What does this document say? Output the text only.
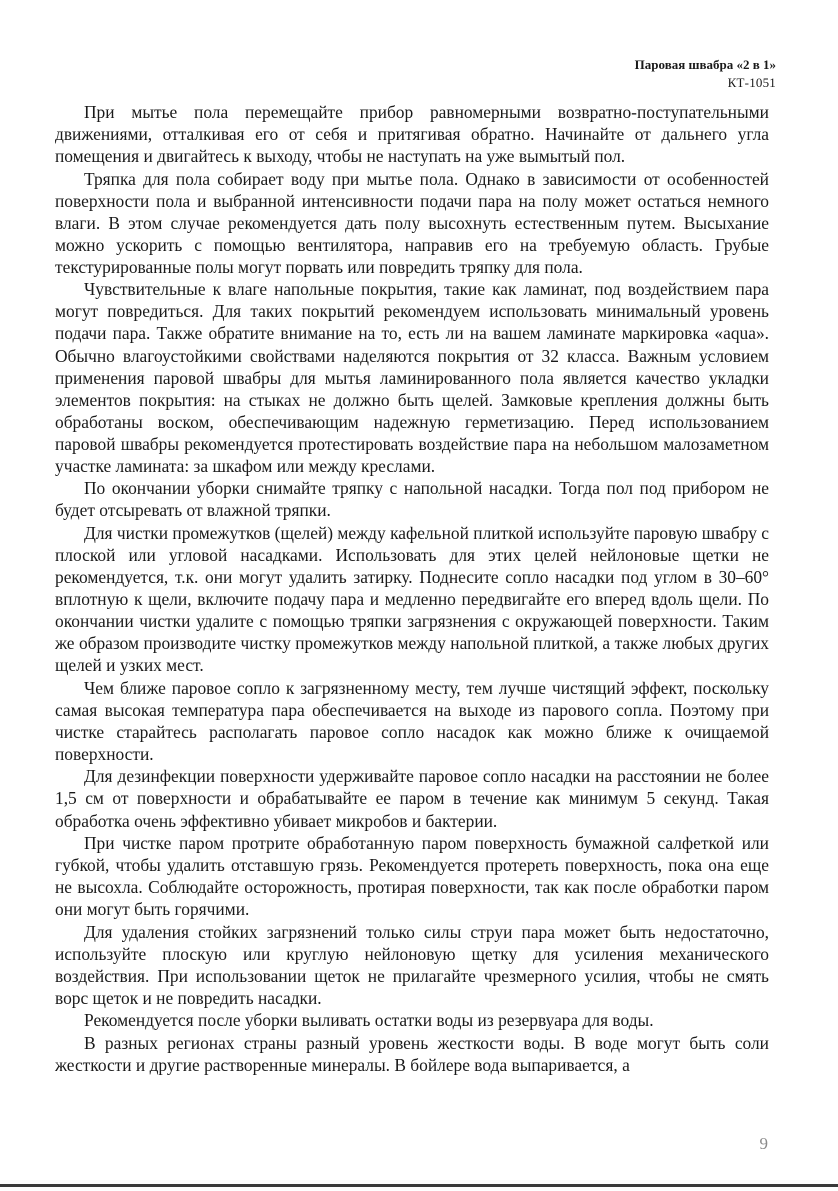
Паровая швабра «2 в 1»
КТ-1051

При мытье пола перемещайте прибор равномерными возвратно-поступательными движениями, отталкивая его от себя и притягивая обратно. Начинайте от дальнего угла помещения и двигайтесь к выходу, чтобы не наступать на уже вымытый пол.

Тряпка для пола собирает воду при мытье пола. Однако в зависимости от особенностей поверхности пола и выбранной интенсивности подачи пара на полу может остаться немного влаги. В этом случае рекомендуется дать полу высохнуть естественным путем. Высыхание можно ускорить с помощью вентилятора, направив его на требуемую область. Грубые текстурированные полы могут порвать или повредить тряпку для пола.

Чувствительные к влаге напольные покрытия, такие как ламинат, под воздействием пара могут повредиться. Для таких покрытий рекомендуем использовать минимальный уровень подачи пара. Также обратите внимание на то, есть ли на вашем ламинате маркировка «aqua». Обычно влагоустойкими свойствами наделяются покрытия от 32 класса. Важным условием применения паровой швабры для мытья ламинированного пола является качество укладки элементов покрытия: на стыках не должно быть щелей. Замковые крепления должны быть обработаны воском, обеспечивающим надежную герметизацию. Перед использованием паровой швабры рекомендуется протестировать воздействие пара на небольшом малозаметном участке ламината: за шкафом или между креслами.

По окончании уборки снимайте тряпку с напольной насадки. Тогда пол под прибором не будет отсыревать от влажной тряпки.

Для чистки промежутков (щелей) между кафельной плиткой используйте паровую швабру с плоской или угловой насадками. Использовать для этих целей нейлоновые щетки не рекомендуется, т.к. они могут удалить затирку. Поднесите сопло насадки под углом в 30–60° вплотную к щели, включите подачу пара и медленно передвигайте его вперед вдоль щели. По окончании чистки удалите с помощью тряпки загрязнения с окружающей поверхности. Таким же образом производите чистку промежутков между напольной плиткой, а также любых других щелей и узких мест.

Чем ближе паровое сопло к загрязненному месту, тем лучше чистящий эффект, поскольку самая высокая температура пара обеспечивается на выходе из парового сопла. Поэтому при чистке старайтесь располагать паровое сопло насадок как можно ближе к очищаемой поверхности.

Для дезинфекции поверхности удерживайте паровое сопло насадки на расстоянии не более 1,5 см от поверхности и обрабатывайте ее паром в течение как минимум 5 секунд. Такая обработка очень эффективно убивает микробов и бактерии.

При чистке паром протрите обработанную паром поверхность бумажной салфеткой или губкой, чтобы удалить отставшую грязь. Рекомендуется протереть поверхность, пока она еще не высохла. Соблюдайте осторожность, протирая поверхности, так как после обработки паром они могут быть горячими.

Для удаления стойких загрязнений только силы струи пара может быть недостаточно, используйте плоскую или круглую нейлоновую щетку для усиления механического воздействия. При использовании щеток не прилагайте чрезмерного усилия, чтобы не смять ворс щеток и не повредить насадки.

Рекомендуется после уборки выливать остатки воды из резервуара для воды.

В разных регионах страны разный уровень жесткости воды. В воде могут быть соли жесткости и другие растворенные минералы. В бойлере вода выпаривается, а

9
